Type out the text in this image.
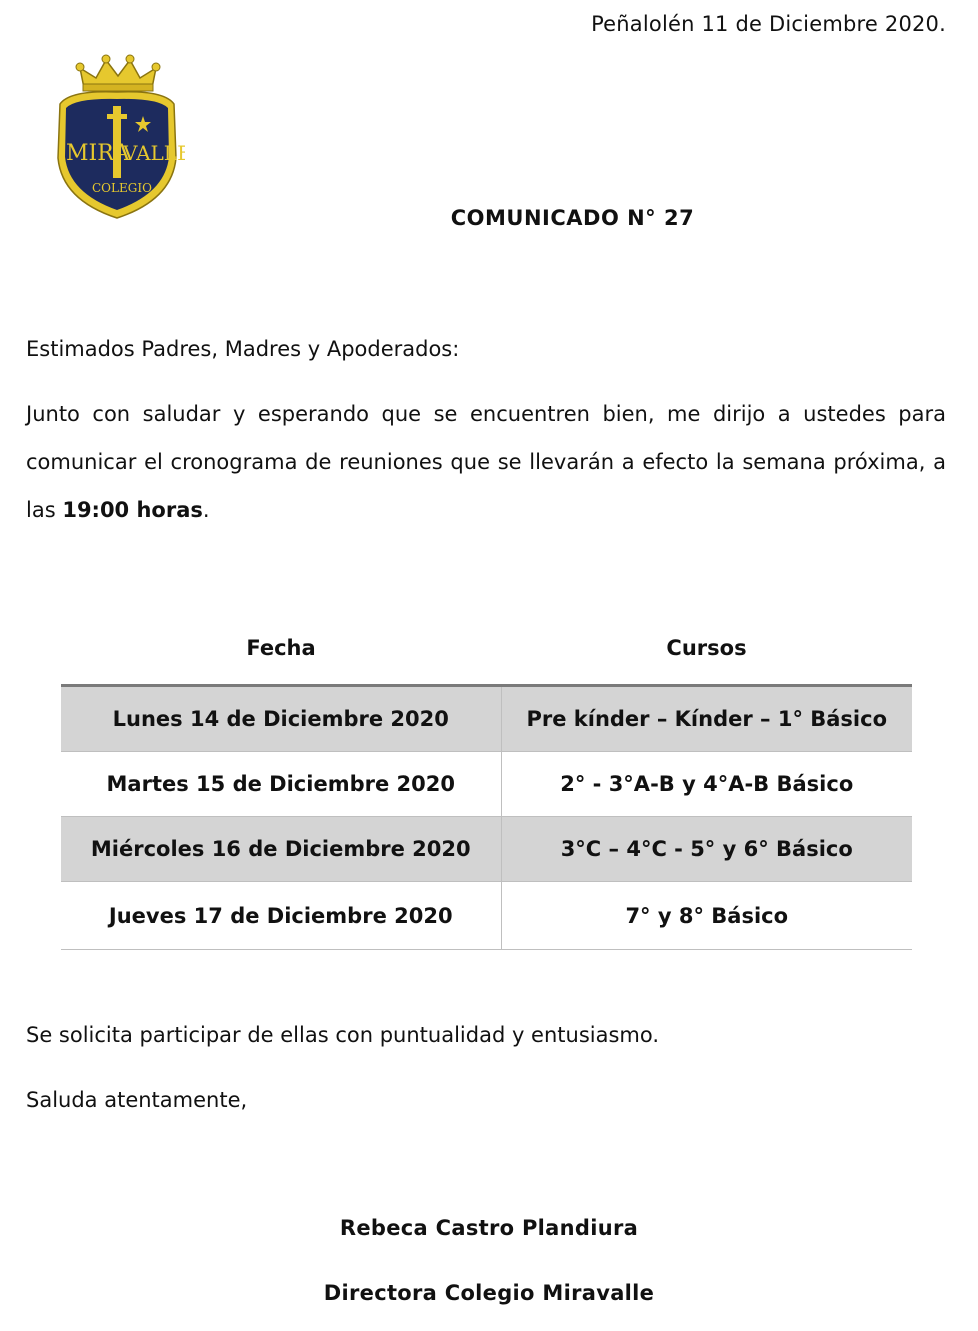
Peñalolén 11 de Diciembre 2020.
MIRA
VALLE
COLEGIO
COMUNICADO N° 27
Estimados Padres, Madres y Apoderados:
Junto con saludar y esperando que se encuentren bien, me dirijo a ustedes para comunicar el cronograma de reuniones que se llevarán a efecto la semana próxima, a las 19:00 horas.
Fecha	Cursos
Lunes 14 de Diciembre 2020	Pre kínder – Kínder – 1° Básico
Martes 15 de Diciembre 2020	2° - 3°A-B y 4°A-B Básico
Miércoles 16 de Diciembre 2020	3°C – 4°C - 5° y 6° Básico
Jueves 17 de Diciembre 2020	7° y 8° Básico
Se solicita participar de ellas con puntualidad y entusiasmo.
Saluda atentamente,
Rebeca Castro Plandiura
Directora Colegio Miravalle
